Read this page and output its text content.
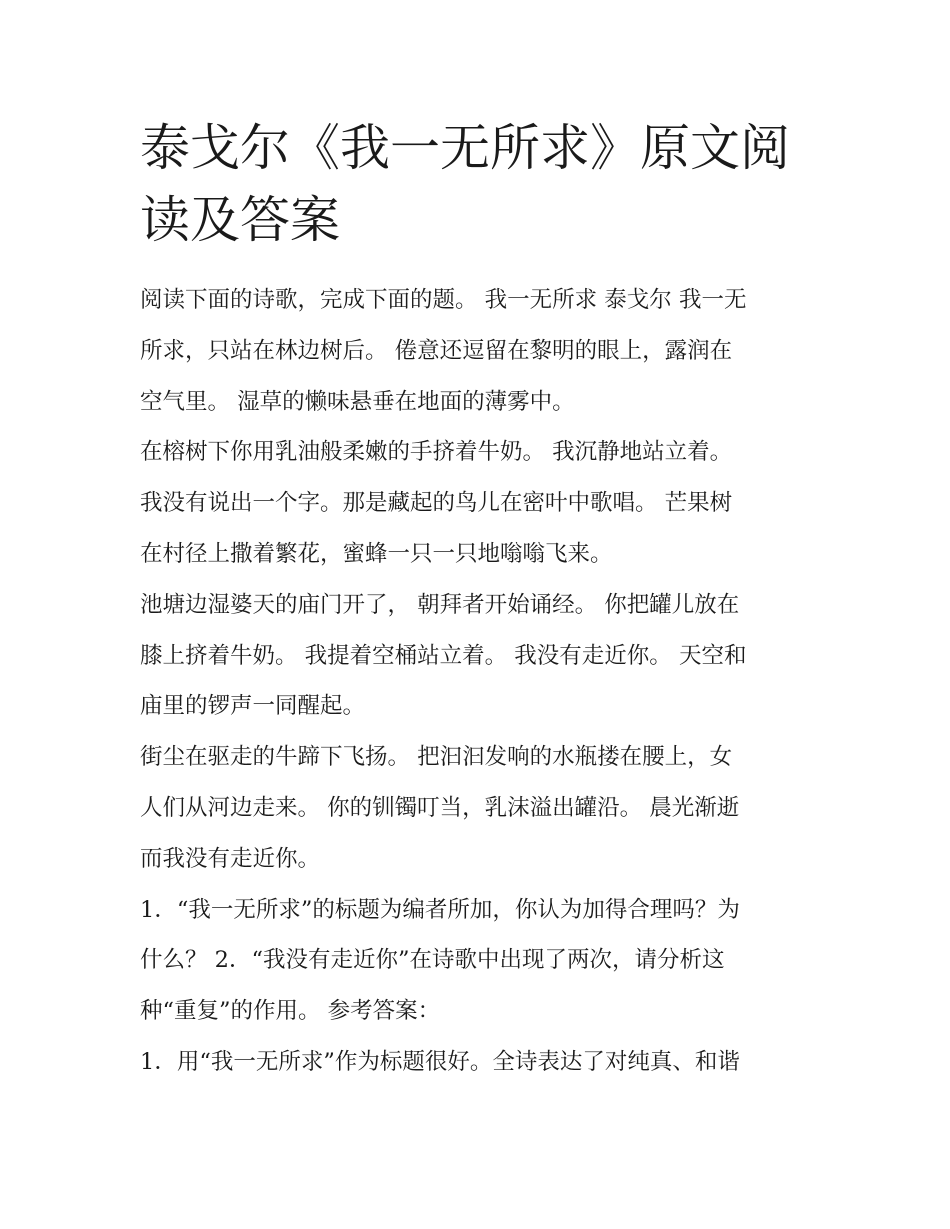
泰戈尔《我一无所求》原文阅
读及答案
阅读下面的诗歌，完成下面的题。 我一无所求 泰戈尔 我一无
所求，只站在林边树后。 倦意还逗留在黎明的眼上，露润在
空气里。 湿草的懒味悬垂在地面的薄雾中。
在榕树下你用乳油般柔嫩的手挤着牛奶。 我沉静地站立着。
我没有说出一个字。那是藏起的鸟儿在密叶中歌唱。 芒果树
在村径上撒着繁花，蜜蜂一只一只地嗡嗡飞来。
池塘边湿婆天的庙门开了， 朝拜者开始诵经。 你把罐儿放在
膝上挤着牛奶。 我提着空桶站立着。 我没有走近你。 天空和
庙里的锣声一同醒起。
街尘在驱走的牛蹄下飞扬。 把汩汩发响的水瓶搂在腰上，女
人们从河边走来。 你的钏镯叮当，乳沫溢出罐沿。 晨光渐逝
而我没有走近你。
1．“我一无所求”的标题为编者所加，你认为加得合理吗？为
什么？ 2．“我没有走近你”在诗歌中出现了两次，请分析这
种“重复”的作用。 参考答案：
1．用“我一无所求”作为标题很好。全诗表达了对纯真、和谐
